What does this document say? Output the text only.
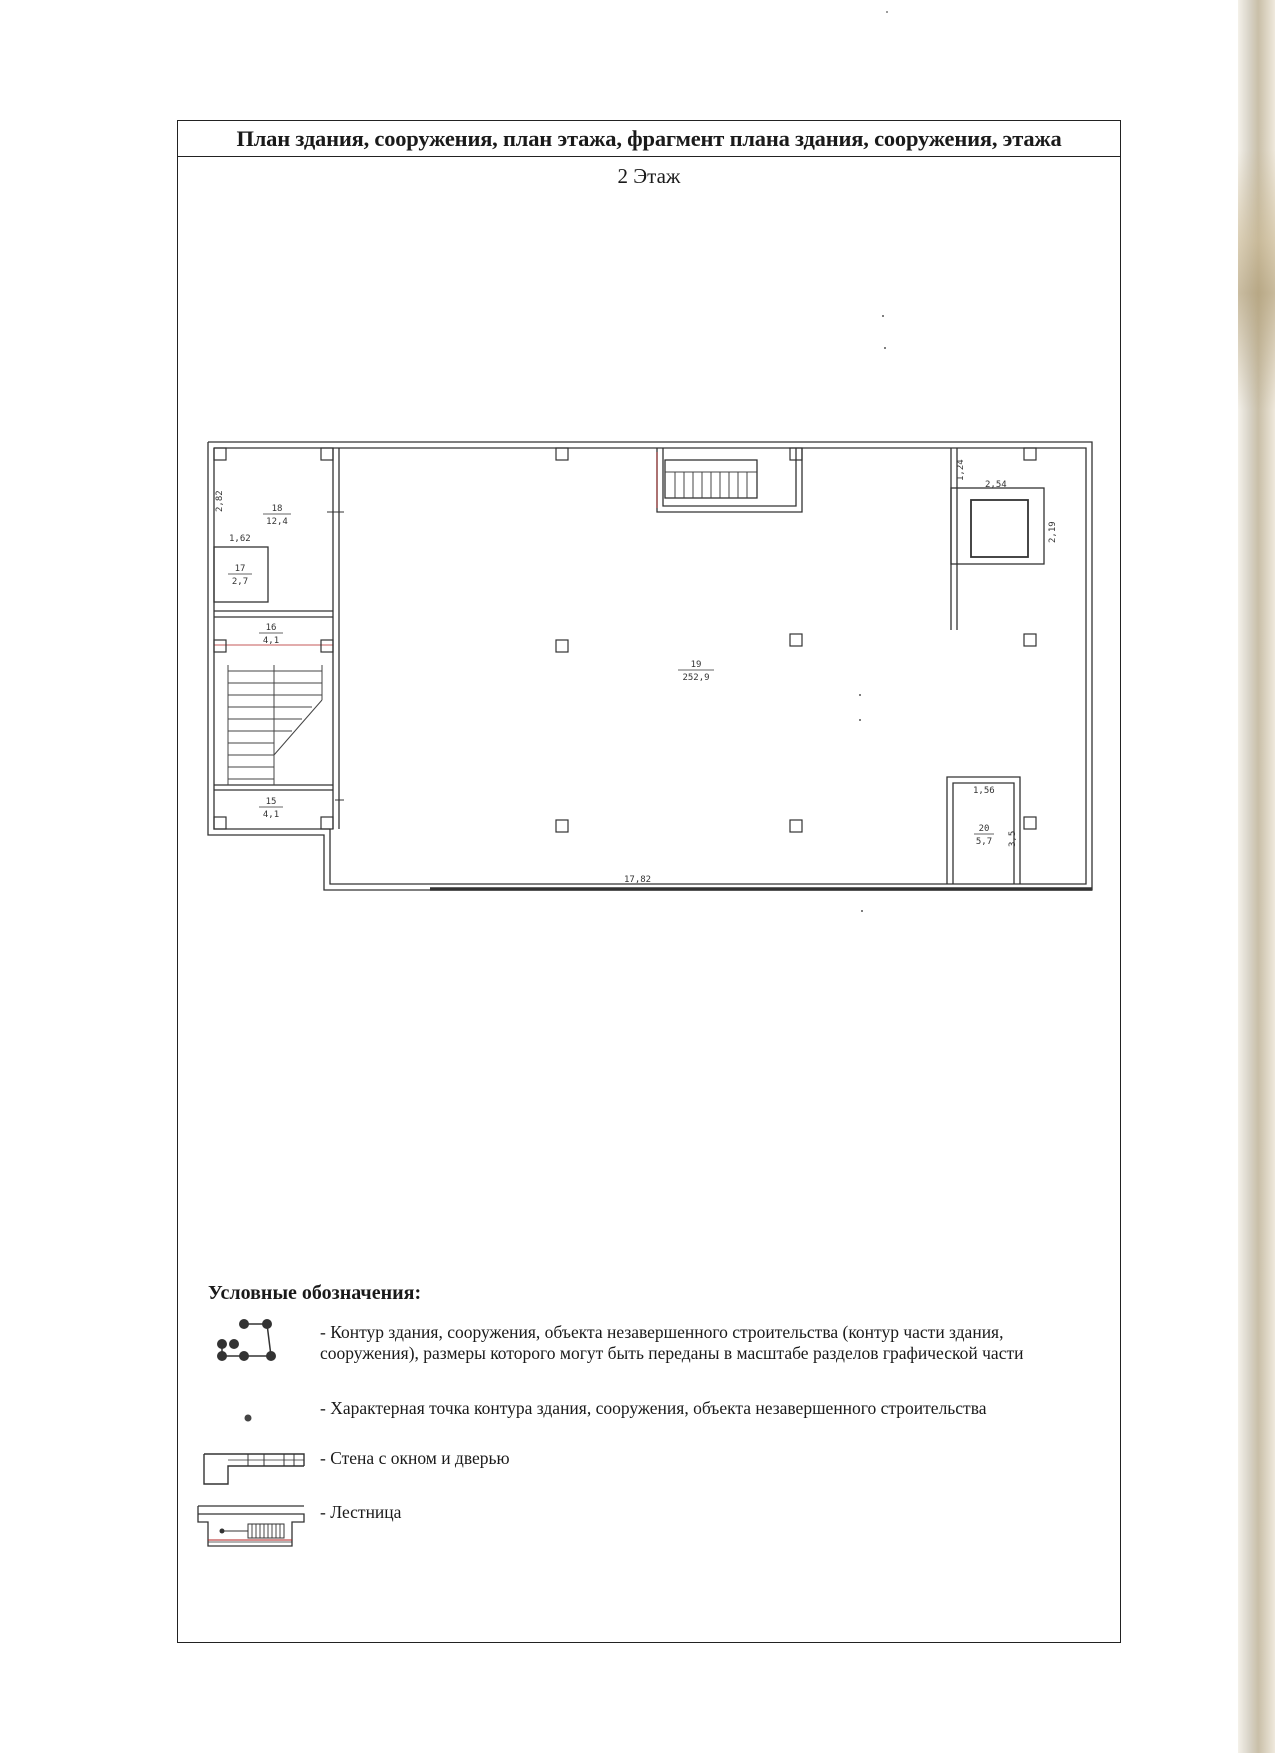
План здания, сооружения, план этажа, фрагмент плана здания, сооружения, этажа
2 Этаж
18
12,4
17
2,7
16
4,1
15
4,1
19
252,9
20
5,7
2,82
1,62
1,24
2,54
2,19
1,56
3,5
17,82
Условные обозначения:
- Контур здания, сооружения, объекта незавершенного строительства (контур части здания, сооружения), размеры которого могут быть переданы в масштабе разделов графической части
- Характерная точка контура здания, сооружения, объекта незавершенного строительства
- Стена с окном и дверью
- Лестница
